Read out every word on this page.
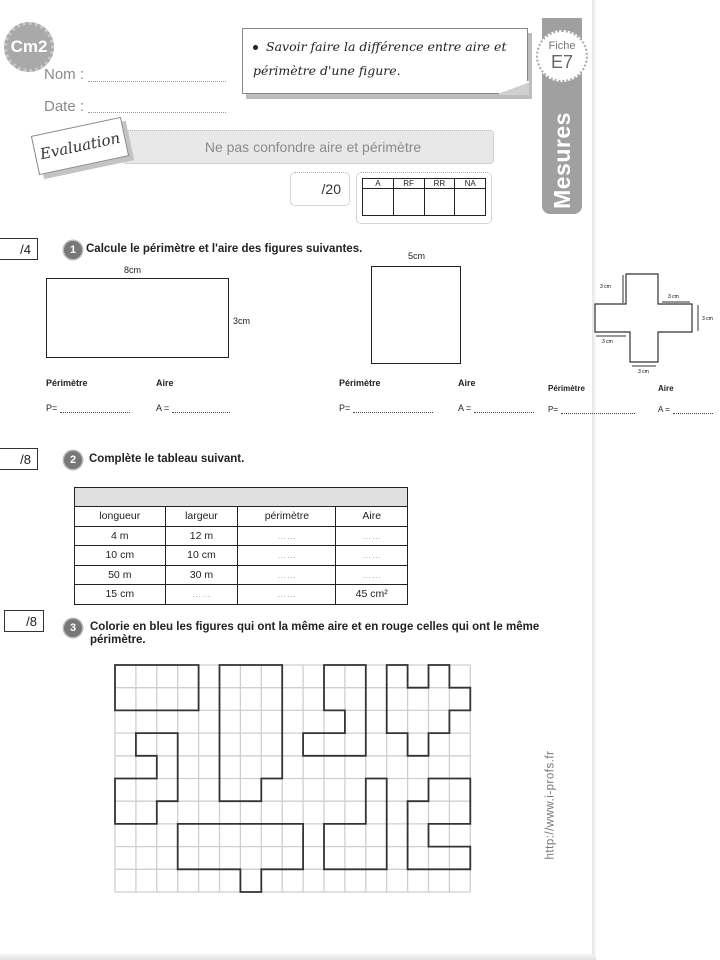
Cm2
Nom :
Date :
Savoir faire la différence entre aire et
périmètre d'une figure.
Ne pas confondre aire et périmètre
Evaluation
/20	A	RF	RR	NA

Fiche
E7
Mesures
/4	1 Calcule le périmètre et l'aire des figures suivantes.
8cm
3cm
5cm
3 cm
3 cm
3 cm
3 cm
3 cm
Périmètre	Aire
P=	A =
Périmètre	Aire
P=	A =
Périmètre	Aire
P=	A =
/8	2	Complète le tableau suivant.

longueur	largeur	périmètre	Aire
4 m	12 m	……	……
10 cm	10 cm	……	……
50 m	30 m	……	……
15 cm	……	……	45 cm²
/8	3	Colorie en bleu les figures qui ont la même aire et en rouge celles qui ont le même
périmètre.
http://www.i-profs.fr
